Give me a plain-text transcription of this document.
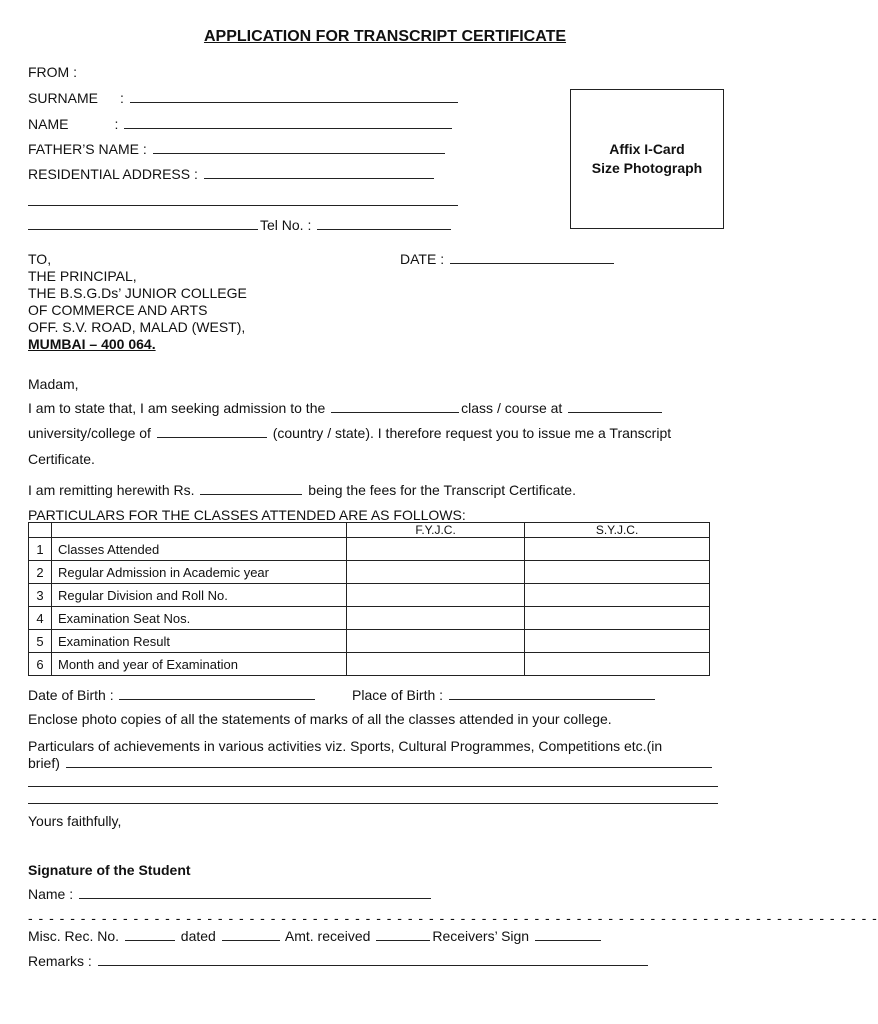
APPLICATION FOR TRANSCRIPT CERTIFICATE
FROM :
SURNAME :
NAME	:
FATHER’S NAME :
RESIDENTIAL ADDRESS :
Tel No. :
Affix I-Card
Size Photograph
TO,
THE PRINCIPAL,
THE B.S.G.Ds’ JUNIOR COLLEGE
OF COMMERCE AND ARTS
OFF. S.V. ROAD, MALAD (WEST),
MUMBAI – 400 064.
DATE :
Madam,
I am to state that, I am seeking admission to the	class / course at
university/college of	(country / state). I therefore request you to issue me a Transcript
Certificate.
I am remitting herewith Rs.	being the fees for the Transcript Certificate.
PARTICULARS FOR THE CLASSES ATTENDED ARE AS FOLLOWS:
		F.Y.J.C.	S.Y.J.C.
1	Classes Attended		
2	Regular Admission in Academic year		
3	Regular Division and Roll No.		
4	Examination Seat Nos.		
5	Examination Result		
6	Month and year of Examination		
Date of Birth :	Place of Birth :
Enclose photo copies of all the statements of marks of all the classes attended in your college.
Particulars of achievements in various activities viz. Sports, Cultural Programmes, Competitions etc.(in
brief)
Yours faithfully,
Signature of the Student
Name :
- - - - - - - - - - - - - - - - - - - - - - - - - - - - - - - - - - - - - - - - - - - - - - - - - - - - - - - - - - - - - - - - - - - - - - - - - - - - - - - - -
Misc. Rec. No.	dated	Amt. received	Receivers’ Sign
Remarks :
